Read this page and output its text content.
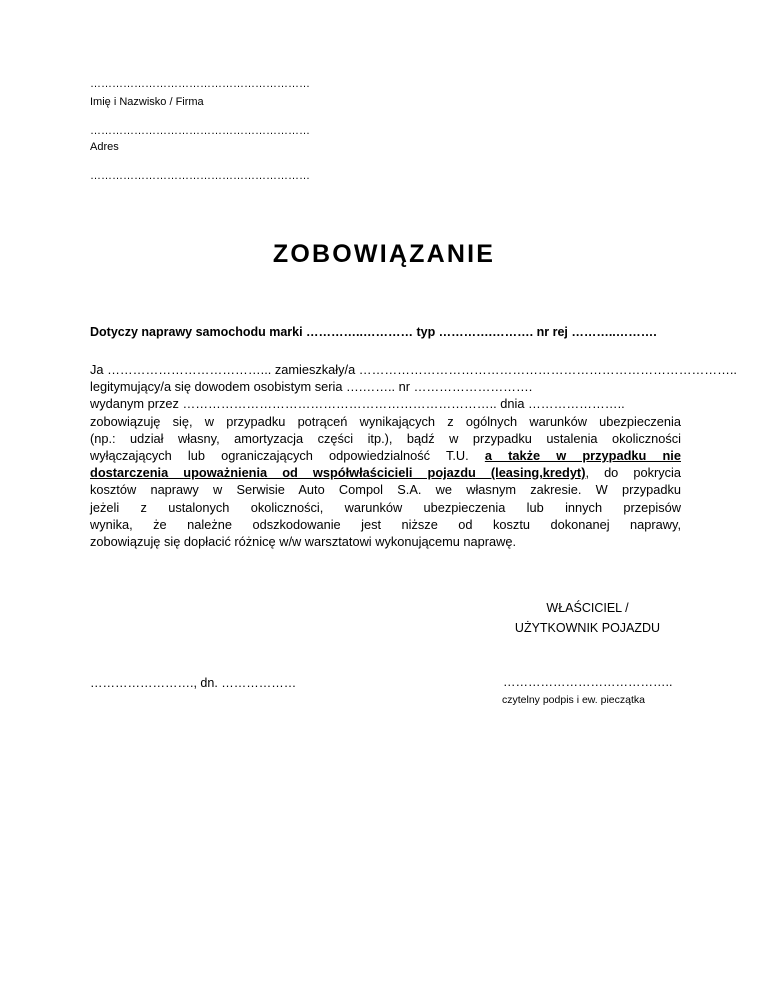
……………………………………………………
Imię i Nazwisko / Firma
……………………………………………………
Adres
……………………………………………………
ZOBOWIĄZANIE
Dotyczy naprawy samochodu marki …………..………… typ ………….………. nr rej ………..……….
Ja ………………………………... zamieszkały/a ……………………………………………………………………………..
legitymujący/a się dowodem osobistym seria ….…….. nr ……………………….
wydanym przez ……………………………………………………………….. dnia …………………..
zobowiązuję się, w przypadku potrąceń wynikających z ogólnych warunków ubezpieczenia
(np.: udział własny, amortyzacja części itp.), bądź w przypadku ustalenia okoliczności
wyłączających lub ograniczających odpowiedzialność T.U. a także w przypadku nie
dostarczenia upoważnienia od współwłaścicieli pojazdu (leasing,kredyt), do pokrycia
kosztów naprawy w Serwisie Auto Compol S.A. we własnym zakresie. W przypadku
jeżeli z ustalonych okoliczności, warunków ubezpieczenia lub innych przepisów
wynika, że należne odszkodowanie jest niższe od kosztu dokonanej naprawy,
zobowiązuję się dopłacić różnicę w/w warsztatowi wykonującemu naprawę.
WŁAŚCICIEL /
UŻYTKOWNIK POJAZDU
……………………., dn. ………………	…………………………………..
czytelny podpis i ew. pieczątka
